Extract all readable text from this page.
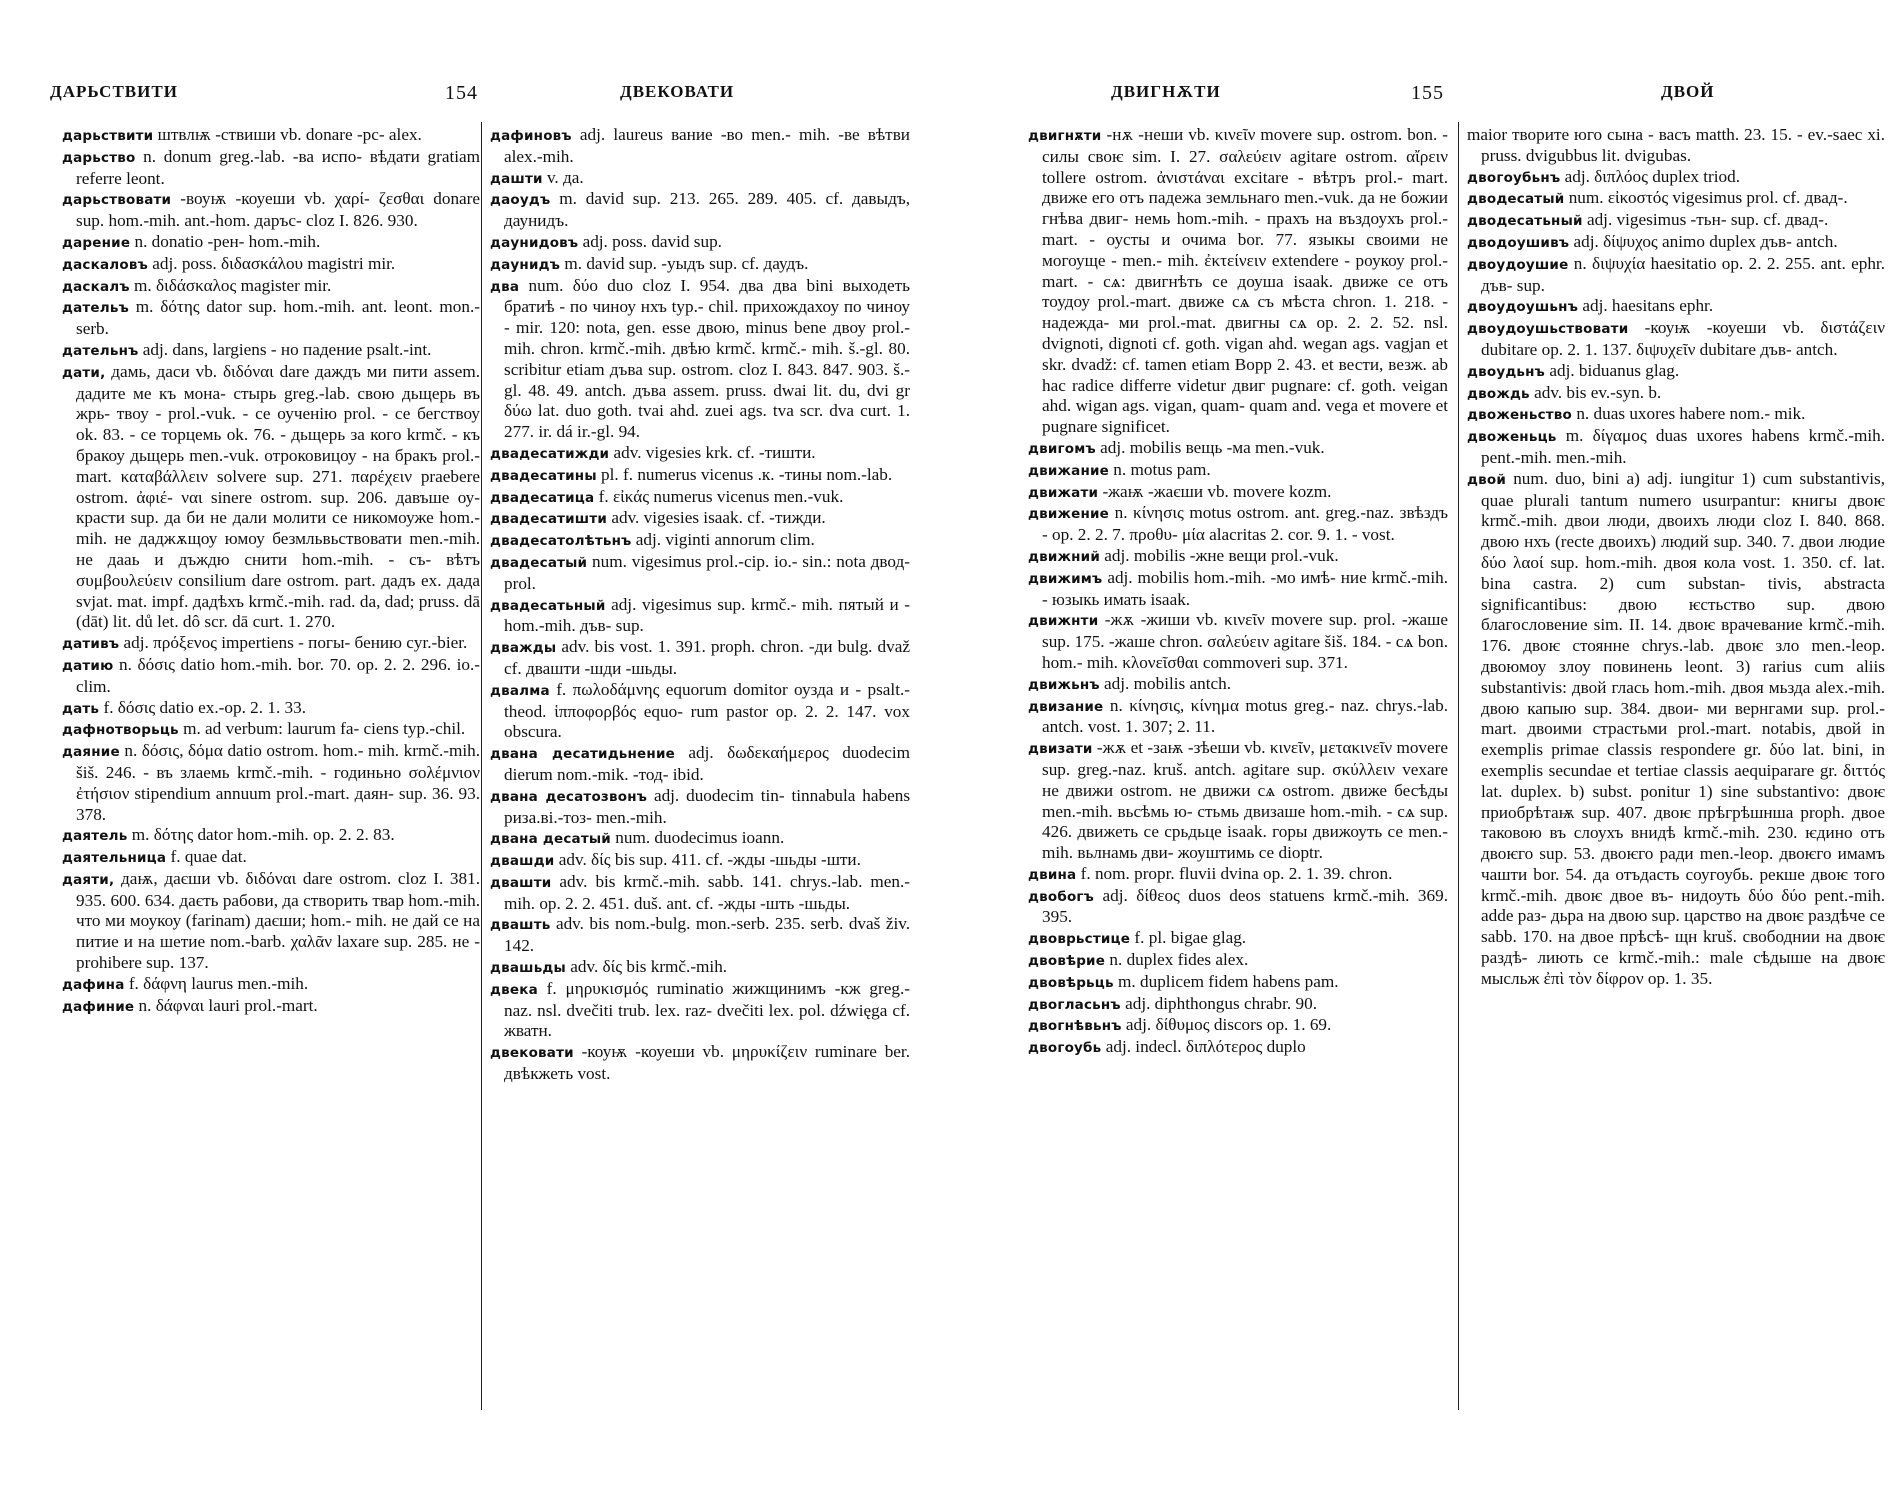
ДАРЬСТВИТИ	154	ДВЕКОВАТИ

дарьствити штвлѭ -ствиши vb. donare -рс- alex.

дарьство n. donum greg.-lab. -ва испо- вѣдати gratiam referre leont.

дарьствовати -воуѭ -коуеши vb. χαρί- ζεσθαι donare sup. hom.-mih. ant.-hom. даръс- cloz I. 826. 930.

дарение n. donatio -рен- hom.-mih.

даскаловъ adj. poss. διδασκάλου magistri mir.

даскалъ m. διδάσκαλος magister mir.

дательъ m. δότης dator sup. hom.-mih. ant. leont. mon.-serb.

дательнъ adj. dans, largiens - но падение psalt.-int.

дати, дамь, даси vb. διδόναι dare даждъ ми пити assem. дадите ме къ мона- стырь greg.-lab. свою дьщерь въ жрь- твоу - prol.-vuk. - се оученію prol. - се бегствоу ok. 83. - се торцемь ok. 76. - дьщерь за кого krmč. - къ бракоу дьщерь men.-vuk. отроковицоу - на бракъ prol.-mart. καταβάλλειν solvere sup. 271. παρέχειν praebere ostrom. ἀφιέ- ναι sinere ostrom. sup. 206. давъше оу- красти sup. да би не дали молити се никомоуже hom.-mih. не даджѫщоу юмоу безмльвьствовати men.-mih. не дааь и дъждю снити hom.-mih. - съ- вѣтъ συμβουλεύειν consilium dare ostrom. part. дадъ ex. дада svjat. mat. impf. дадѣхъ krmč.-mih. rad. da, dad; pruss. dā (dāt) lit. dů let. dô scr. dā curt. 1. 270.

дативъ adj. πρόξενος impertiens - погы- бению cyr.-bier.

датию n. δόσις datio hom.-mih. bor. 70. op. 2. 2. 296. io.-clim.

дать f. δόσις datio ex.-op. 2. 1. 33.

дафнотворьць m. ad verbum: laurum fa- ciens typ.-chil.

даяние n. δόσις, δόμα datio ostrom. hom.- mih. krmč.-mih. šiš. 246. - въ злаемь krmč.-mih. - годиньно σολέμνιον ἐτήσιον stipendium annuum prol.-mart. даян- sup. 36. 93. 378.

даятель m. δότης dator hom.-mih. op. 2. 2. 83.

даятельница f. quae dat.

даяти, даѭ, даєши vb. διδόναι dare ostrom. cloz I. 381. 935. 600. 634. даєть рабови, да створить твар hom.-mih. что ми моукоу (farinam) даєши; hom.- mih. не дай се на питие и на шетие nom.-barb. χαλᾶν laxare sup. 285. не - prohibere sup. 137.

дафина f. δάφνη laurus men.-mih.

дафиние n. δάφναι lauri prol.-mart.

дафиновъ adj. laureus вание -во men.- mih. -ве вѣтви alex.-mih.

дашти v. да.

даоудъ m. david sup. 213. 265. 289. 405. cf. давыдъ, даунидъ.

даунидовъ adj. poss. david sup.

даунидъ m. david sup. -уыдъ sup. cf. даудъ.

два num. δύο duo cloz I. 954. два два bini выходеть братиѣ - по чиноу нхъ typ.- chil. прихождахоу по чиноу - mir. 120: nota, gen. esse двою, minus bene двоу prol.-mih. chron. krmč.-mih. двѣю krmč. krmč.- mih. š.-gl. 80. scribitur etiam дъва sup. ostrom. cloz I. 843. 847. 903. š.-gl. 48. 49. antch. дъва assem. pruss. dwai lit. du, dvi gr δύω lat. duo goth. tvai ahd. zuei ags. tva scr. dva curt. 1. 277. ir. dá ir.-gl. 94.

двадесатижди adv. vigesies krk. cf. -тишти.

двадесатины pl. f. numerus vicenus .к. -тины nom.-lab.

двадесатица f. εἰκάς numerus vicenus men.-vuk.

двадесатишти adv. vigesies isaak. cf. -тижди.

двадесатолѣтьнъ adj. viginti annorum clim.

двадесатый num. vigesimus prol.-cip. io.- sin.: nota двод- prol.

двадесатьный adj. vigesimus sup. krmč.- mih. пятый и - hom.-mih. дъв- sup.

дважды adv. bis vost. 1. 391. proph. chron. -ди bulg. dvaž cf. двашти -шди -шьды.

двалма f. πωλοδάμνης equorum domitor оузда и - psalt.-theod. ἱπποφορβός equo- rum pastor op. 2. 2. 147. vox obscura.

двана десатидьнение adj. δωδεκαήμερος duodecim dierum nom.-mik. -тод- ibid.

двана десатозвонъ adj. duodecim tin- tinnabula habens риза.ві.-тоз- men.-mih.

двана десатый num. duodecimus ioann.

двашди adv. δίς bis sup. 411. cf. -жды -шьды -шти.

двашти adv. bis krmč.-mih. sabb. 141. chrys.-lab. men.-mih. op. 2. 2. 451. duš. ant. cf. -жды -шть -шьды.

двашть adv. bis nom.-bulg. mon.-serb. 235. serb. dvaš živ. 142.

двашьды adv. δίς bis krmč.-mih.

двека f. μηρυκισμός ruminatio жижщинимъ -кж greg.-naz. nsl. dvečiti trub. lex. raz- dvečiti lex. pol. dźwięga cf. жватн.

двековати -коуѭ -коуеши vb. μηρυκίζειν ruminare ber. двѣкжеть vost.

ДВИГНѪТИ	155	ДВОЙ

двигнѫти -нѫ -неши vb. κινεῖν movere sup. ostrom. bon. - силы своѥ sim. I. 27. σαλεύειν agitare ostrom. αἴρειν tollere ostrom. ἀνιστάναι excitare - вѣтръ prol.- mart. движе его отъ падежа земльнаго men.-vuk. да не божии гнѣва двиг- немь hom.-mih. - прахъ на въздоухъ prol.-mart. - оусты и очима bor. 77. языкы своими не могоуще - men.- mih. ἐκτείνειν extendere - роукоу prol.- mart. - сѧ: двигнѣть се доуша isaak. движе се отъ тоудоу prol.-mart. движе сѧ съ мѣста chron. 1. 218. - надежда- ми prol.-mat. двигны сѧ op. 2. 2. 52. nsl. dvignoti, dignoti cf. goth. vigan ahd. wegan ags. vagjan et skr. dvadž: cf. tamen etiam Bopp 2. 43. et вести, везж. ab hac radice differre videtur двиг pugnare: cf. goth. veigan ahd. wigan ags. vigan, quam- quam and. vega et movere et pugnare significet.

двигомъ adj. mobilis вещь -ма men.-vuk.

движание n. motus pam.

движати -жаѭ -жаєши vb. movere kozm.

движение n. κίνησις motus ostrom. ant. greg.-naz. звѣздъ - op. 2. 2. 7. προθυ- μία alacritas 2. cor. 9. 1. - vost.

движний adj. mobilis -жне вещи prol.-vuk.

движимъ adj. mobilis hom.-mih. -мо имѣ- ние krmč.-mih. - юзыкь имать isaak.

движнти -жѫ -жиши vb. κινεῖν movere sup. prol. -жаше sup. 175. -жаше chron. σαλεύειν agitare šiš. 184. - сѧ bon. hom.- mih. κλονεῖσθαι commoveri sup. 371.

движьнъ adj. mobilis antch.

двизание n. κίνησις, κίνημα motus greg.- naz. chrys.-lab. antch. vost. 1. 307; 2. 11.

двизати -жѫ et -заѭ -зѣеши vb. κινεῖν, μετακινεῖν movere sup. greg.-naz. kruš. antch. agitare sup. σκύλλειν vexare не движи ostrom. не движи сѧ ostrom. движе бесѣды men.-mih. вьсѣмь ю- стьмь двизаше hom.-mih. - сѧ sup. 426. движеть се срьдьце isaak. горы движоуть се men.-mih. вьлнамь дви- жоуштимь се dioptr.

двина f. nom. propr. fluvii dvina op. 2. 1. 39. chron.

двобогъ adj. δίθεος duos deos statuens krmč.-mih. 369. 395.

двоврьстице f. pl. bigae glag.

двовѣрие n. duplex fides alex.

двовѣрьць m. duplicem fidem habens pam.

двогласьнъ adj. diphthongus chrabr. 90.

двогнѣвьнъ adj. δίθυμος discors op. 1. 69.

двогоубь adj. indecl. διπλότερος duplo

maior творите юго сына - васъ matth. 23. 15. - ev.-saec xi. pruss. dvigubbus lit. dvigubas.

двогоубьнъ adj. διπλόος duplex triod.

дводесатый num. εἰκοστός vigesimus prol. cf. двад-.

дводесатьный adj. vigesimus -тьн- sup. cf. двад-.

дводоушивъ adj. δίψυχος animo duplex дъв- antch.

двоудоушие n. διψυχία haesitatio op. 2. 2. 255. ant. ephr. дъв- sup.

двоудоушьнъ adj. haesitans ephr.

двоудоушьствовати -коуѭ -коуеши vb. διστάζειν dubitare op. 2. 1. 137. διψυχεῖν dubitare дъв- antch.

двоудьнъ adj. biduanus glag.

двождь adv. bis ev.-syn. b.

двоженьство n. duas uxores habere nom.- mik.

двоженьць m. δίγαμος duas uxores habens krmč.-mih. pent.-mih. men.-mih.

двой num. duo, bini a) adj. iungitur 1) cum substantivis, quae plurali tantum numero usurpantur: книгы двоѥ krmč.-mih. двои люди, двоихъ люди cloz I. 840. 868. двою нхъ (recte двоихъ) людий sup. 340. 7. двои людие δύο λαοί sup. hom.-mih. двоя кола vost. 1. 350. cf. lat. bina castra. 2) cum substan- tivis, abstracta significantibus: двою ѥстьство sup. двою благословение sim. II. 14. двоѥ врачевание krmč.-mih. 176. двоѥ стоянне chrys.-lab. двоѥ зло men.-leop. двоюмоу злоу повинень leont. 3) rarius cum aliis substantivis: двой глась hom.-mih. двоя мьзда alex.-mih. двою капыю sup. 384. двои- ми вернгами sup. prol.-mart. двоими страстьми prol.-mart. notabis, двой in exemplis primae classis respondere gr. δύο lat. bini, in exemplis secundae et tertiae classis aequiparare gr. διττός lat. duplex. b) subst. ponitur 1) sine substantivo: двоѥ приобрѣтаѭ sup. 407. двоѥ прѣгрѣшнша proph. двое таковою въ слоухъ внидѣ krmč.-mih. 230. ѥдино отъ двоѥго sup. 53. двоѥго ради men.-leop. двоѥго имамъ чашти bor. 54. да отъдасть соугоубь. рекше двоѥ того krmč.-mih. двоѥ двое въ- нидоуть δύο δύο pent.-mih. adde раз- дьра на двою sup. царство на двоѥ раздѣче се sabb. 170. на двое прѣсѣ- щн kruš. свободнии на двоѥ раздѣ- лиють се krmč.-mih.: male сѣдыше на двоѥ мысльж ἐπὶ τὸν δίφρον op. 1. 35.
